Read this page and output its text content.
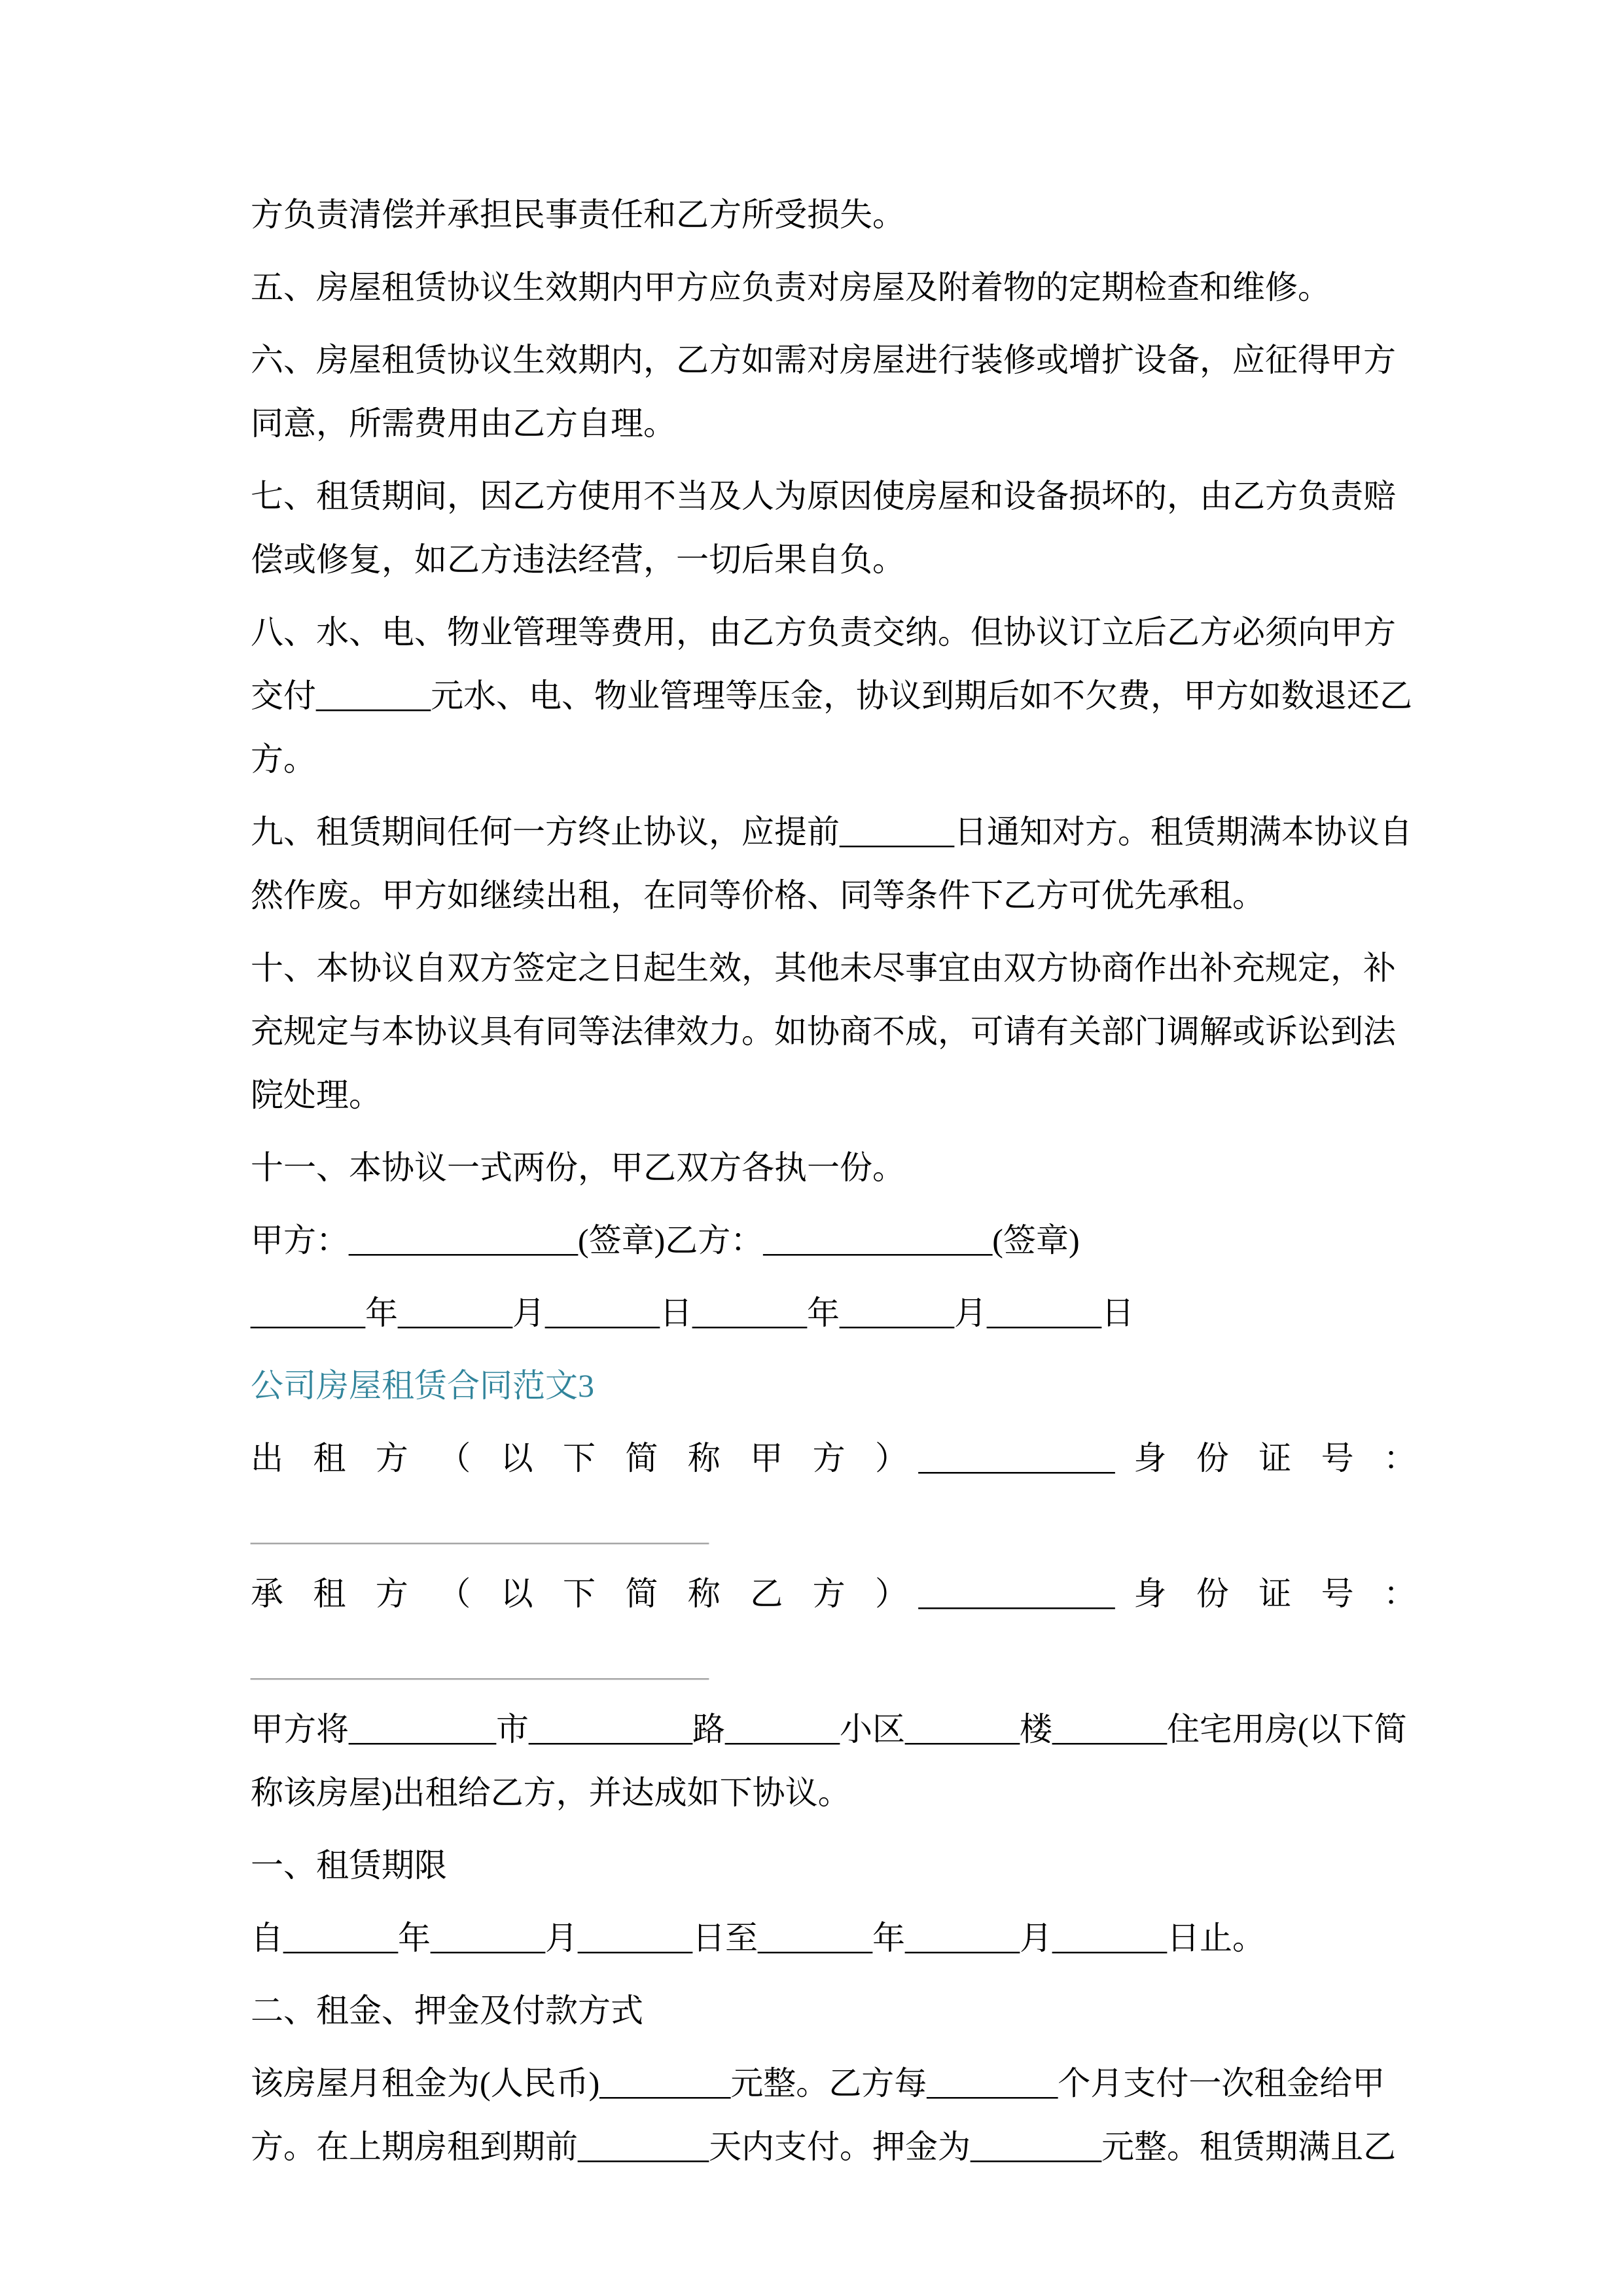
方负责清偿并承担民事责任和乙方所受损失。

五、房屋租赁协议生效期内甲方应负责对房屋及附着物的定期检查和维修。

六、房屋租赁协议生效期内，乙方如需对房屋进行装修或增扩设备，应征得甲方同意，所需费用由乙方自理。

七、租赁期间，因乙方使用不当及人为原因使房屋和设备损坏的，由乙方负责赔偿或修复，如乙方违法经营，一切后果自负。

八、水、电、物业管理等费用，由乙方负责交纳。但协议订立后乙方必须向甲方交付_______元水、电、物业管理等压金，协议到期后如不欠费，甲方如数退还乙方。

九、租赁期间任何一方终止协议，应提前_______日通知对方。租赁期满本协议自然作废。甲方如继续出租，在同等价格、同等条件下乙方可优先承租。

十、本协议自双方签定之日起生效，其他未尽事宜由双方协商作出补充规定，补充规定与本协议具有同等法律效力。如协商不成，可请有关部门调解或诉讼到法院处理。

十一、本协议一式两份，甲乙双方各执一份。

甲方：______________(签章)乙方：______________(签章)

_______年_______月_______日_______年_______月_______日

公司房屋租赁合同范文3

出 租 方 （ 以 下 简 称 甲 方 ）____________ 身 份 证 号 ：

____________________________

承 租 方 （ 以 下 简 称 乙 方 ）____________ 身 份 证 号 ：

____________________________

甲方将_________市__________路_______小区_______楼_______住宅用房(以下简称该房屋)出租给乙方，并达成如下协议。

一、租赁期限

自_______年_______月_______日至_______年_______月_______日止。

二、租金、押金及付款方式

该房屋月租金为(人民币)________元整。乙方每________个月支付一次租金给甲方。在上期房租到期前________天内支付。押金为________元整。租赁期满且乙
